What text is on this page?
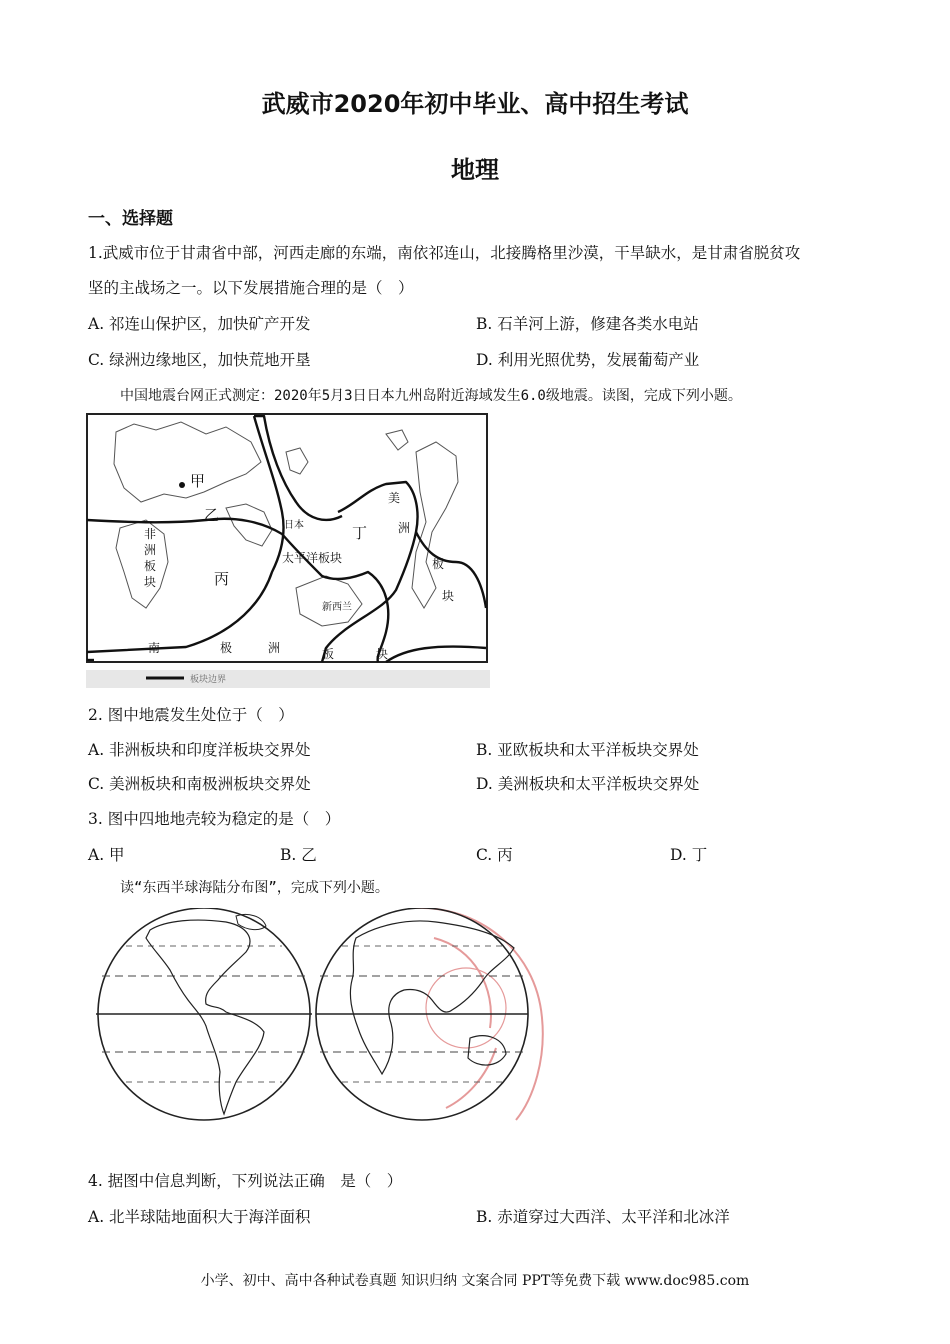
武威市2020年初中毕业、高中招生考试
地理
一、选择题
1.武威市位于甘肃省中部，河西走廊的东端，南依祁连山，北接腾格里沙漠，干旱缺水，是甘肃省脱贫攻
坚的主战场之一。以下发展措施合理的是（　）
A. 祁连山保护区，加快矿产开发	B. 石羊河上游，修建各类水电站
C. 绿洲边缘地区，加快荒地开垦	D. 利用光照优势，发展葡萄产业
中国地震台网正式测定：2020年5月3日日本九州岛附近海域发生6.0级地震。读图，完成下列小题。
甲
乙
丙
丁
非
洲
板
块
日本
太平洋板块
新西兰
美
洲
板
块
南	极	洲	板	块
板块边界
2. 图中地震发生处位于（　）
A. 非洲板块和印度洋板块交界处	B. 亚欧板块和太平洋板块交界处
C. 美洲板块和南极洲板块交界处	D. 美洲板块和太平洋板块交界处
3. 图中四地地壳较为稳定的是（　）
A. 甲	B. 乙	C. 丙	D. 丁
读“东西半球海陆分布图”，完成下列小题。
4. 据图中信息判断，下列说法正确　是（　）
A. 北半球陆地面积大于海洋面积	B. 赤道穿过大西洋、太平洋和北冰洋
小学、初中、高中各种试卷真题 知识归纳 文案合同 PPT等免费下载 www.doc985.com
